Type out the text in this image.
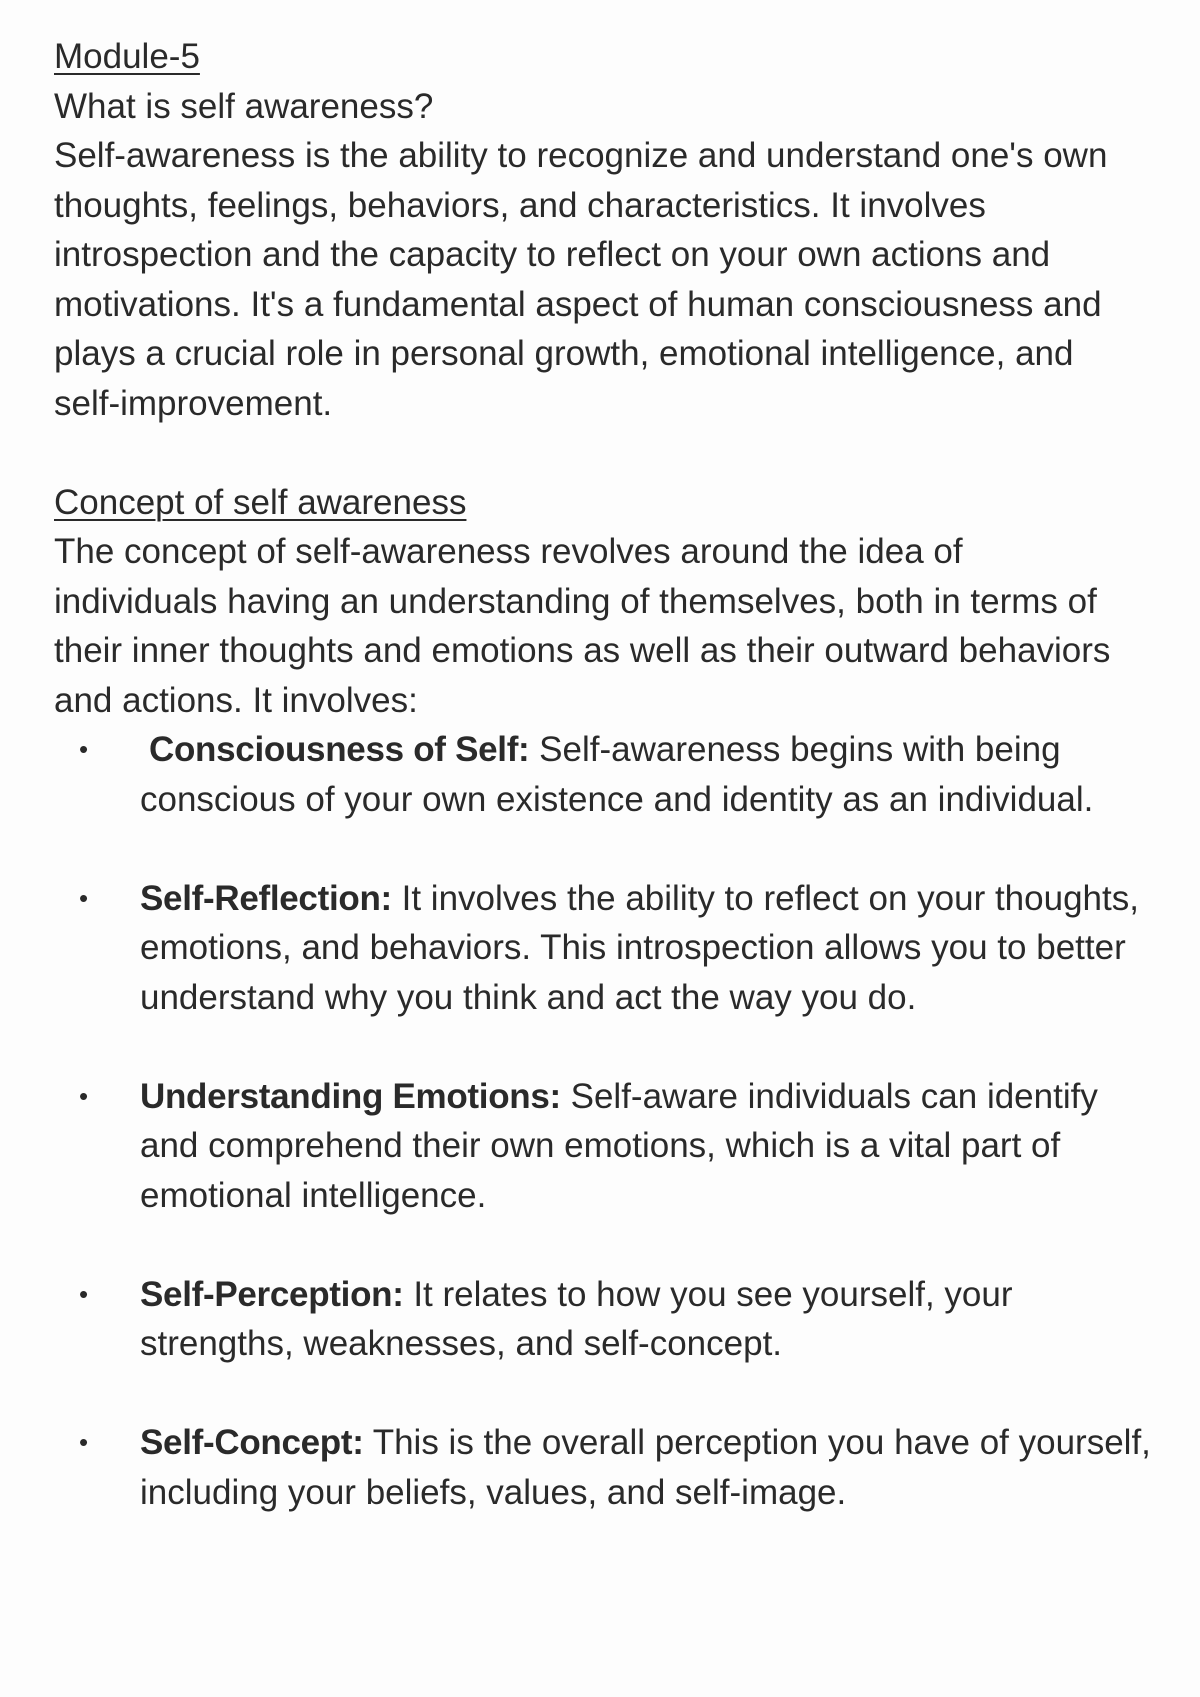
Module-5

What is self awareness?

Self-awareness is the ability to recognize and understand one's own thoughts, feelings, behaviors, and characteristics. It involves introspection and the capacity to reflect on your own actions and motivations. It's a fundamental aspect of human consciousness and plays a crucial role in personal growth, emotional intelligence, and self-improvement.

Concept of self awareness

The concept of self-awareness revolves around the idea of individuals having an understanding of themselves, both in terms of their inner thoughts and emotions as well as their outward behaviors and actions. It involves:

• Consciousness of Self: Self-awareness begins with being conscious of your own existence and identity as an individual.
• Self-Reflection: It involves the ability to reflect on your thoughts, emotions, and behaviors. This introspection allows you to better understand why you think and act the way you do.
• Understanding Emotions: Self-aware individuals can identify and comprehend their own emotions, which is a vital part of emotional intelligence.
• Self-Perception: It relates to how you see yourself, your strengths, weaknesses, and self-concept.
• Self-Concept: This is the overall perception you have of yourself, including your beliefs, values, and self-image.
